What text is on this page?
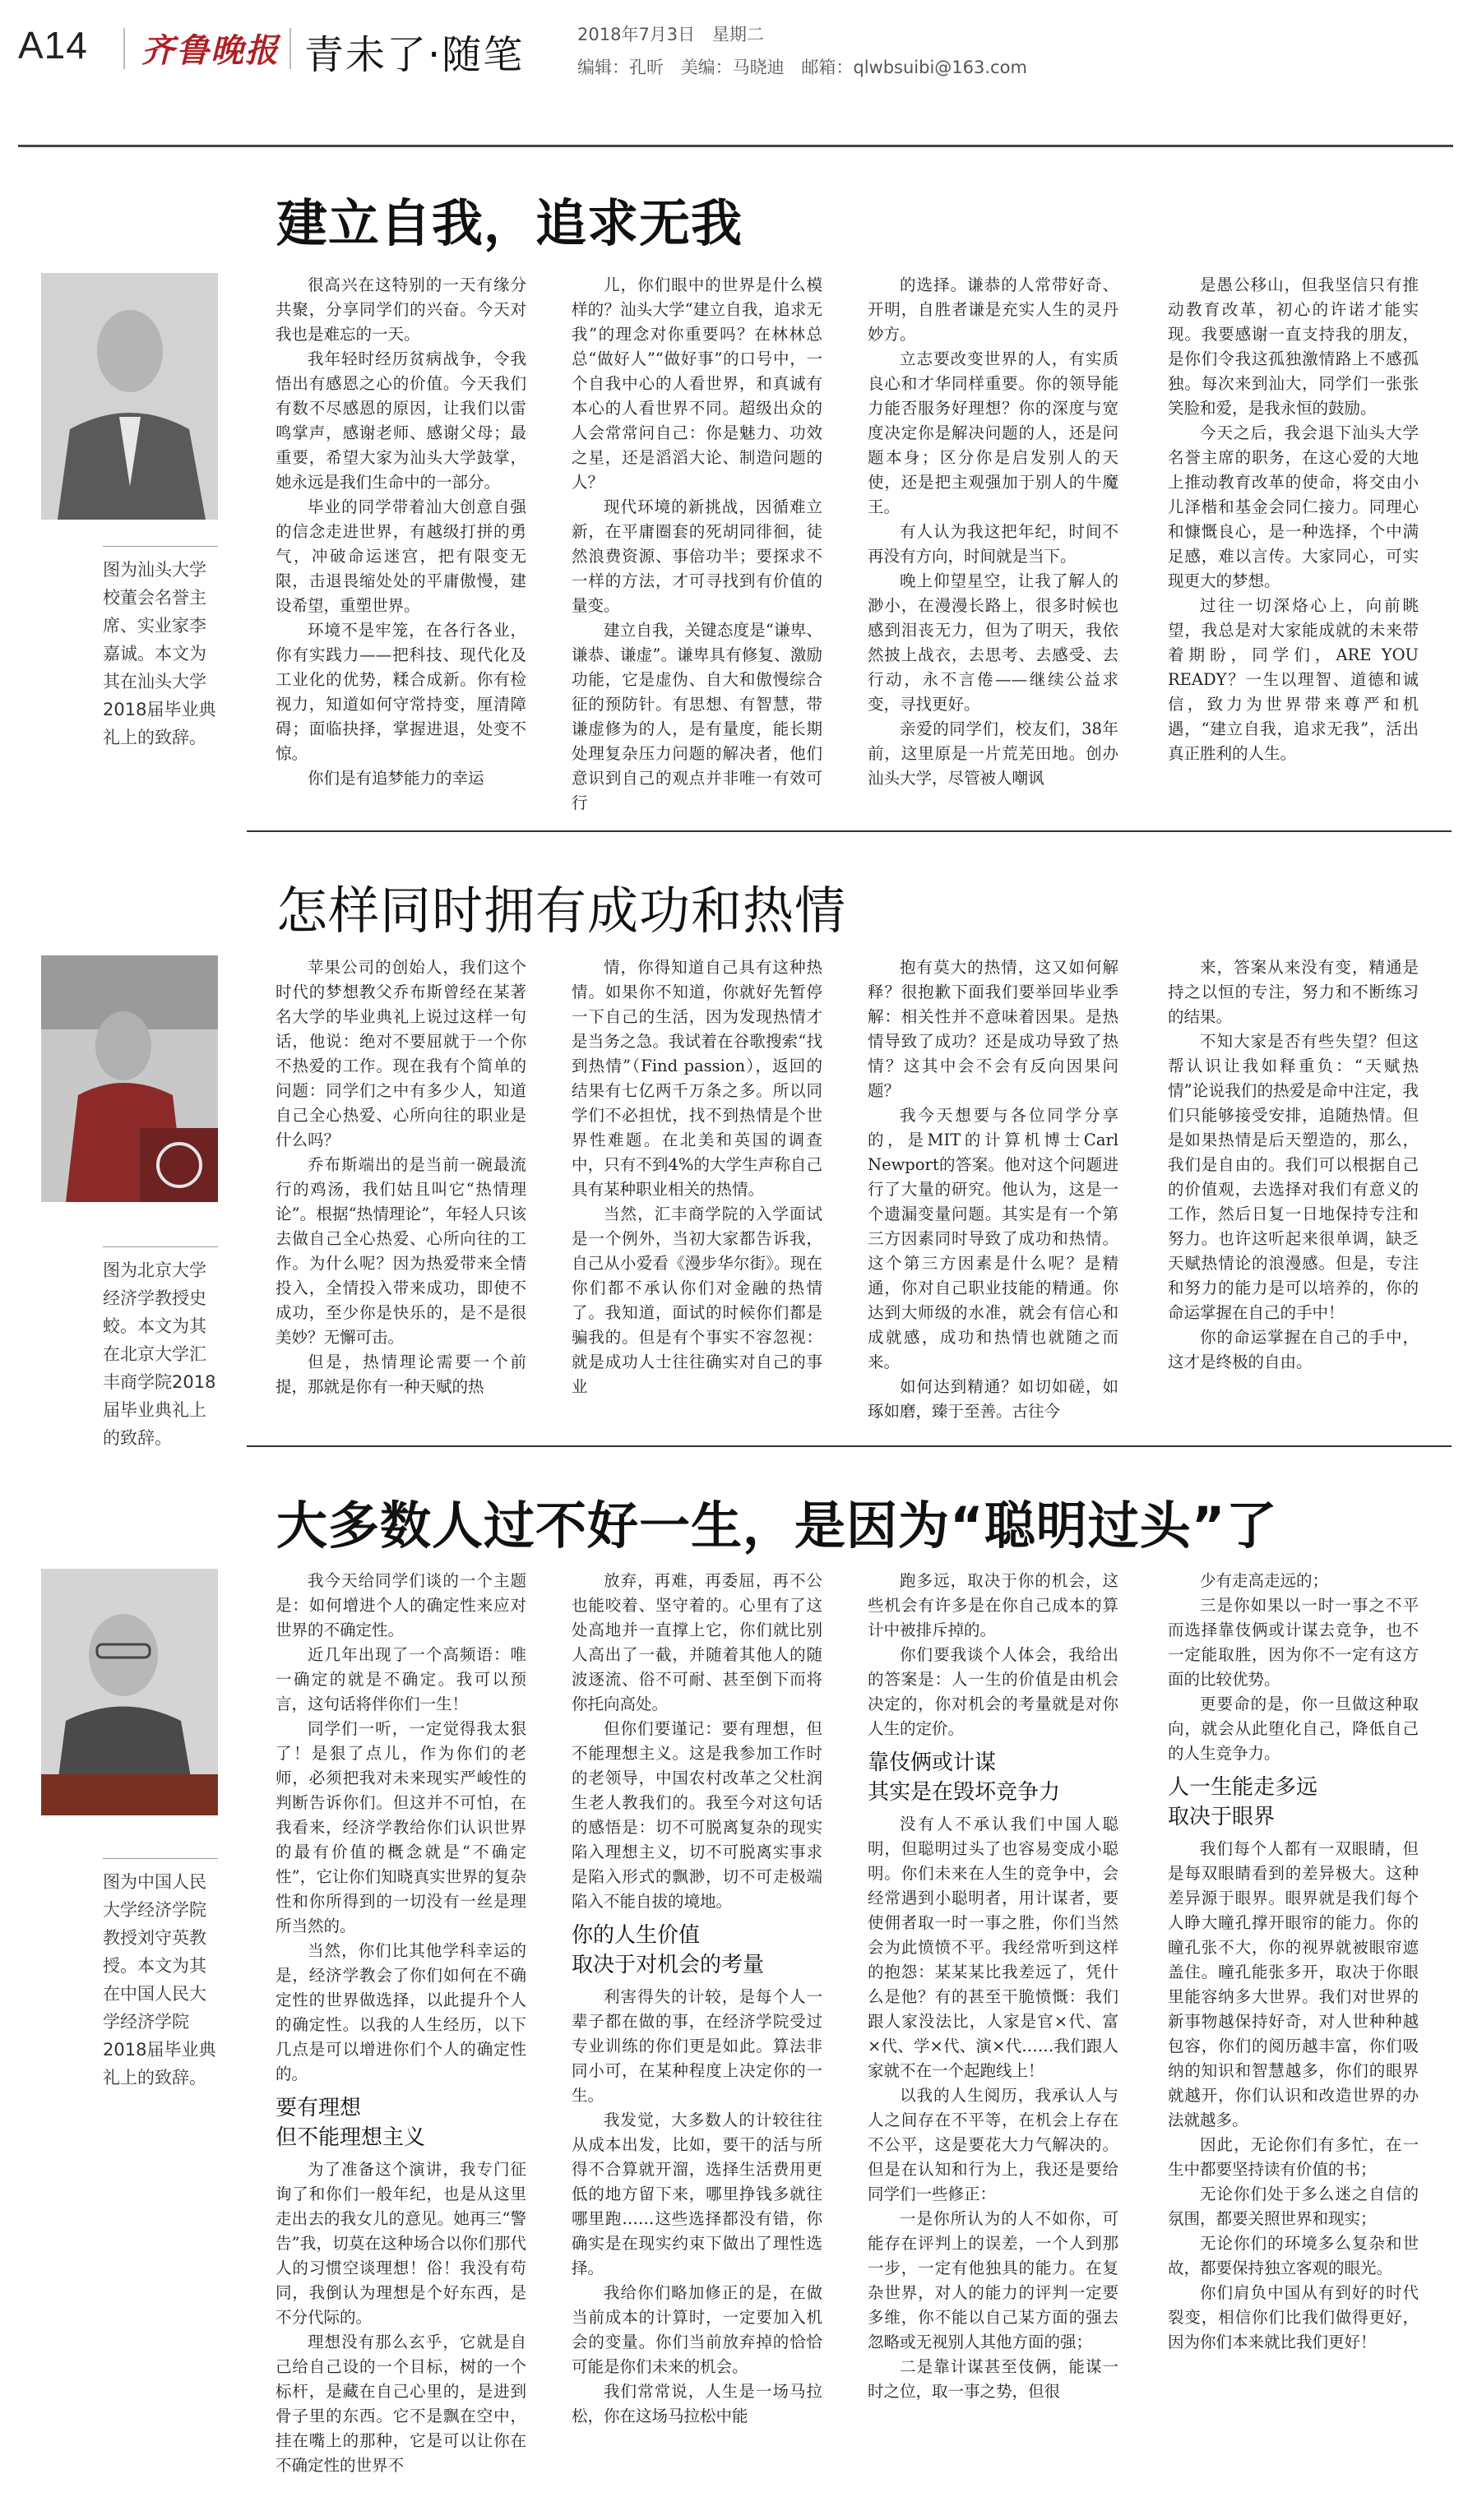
A14 齐鲁晚报 青未了·随笔	2018年7月3日 星期二
编辑：孔昕 美编：马晓迪 邮箱：qlwbsuibi@163.com
建立自我，追求无我
图为汕头大学校董会名誉主席、实业家李嘉诚。本文为其在汕头大学2018届毕业典礼上的致辞。

很高兴在这特别的一天有缘分共聚，分享同学们的兴奋。今天对我也是难忘的一天。

我年轻时经历贫病战争，令我悟出有感恩之心的价值。今天我们有数不尽感恩的原因，让我们以雷鸣掌声，感谢老师、感谢父母；最重要，希望大家为汕头大学鼓掌，她永远是我们生命中的一部分。

毕业的同学带着汕大创意自强的信念走进世界，有越级打拼的勇气，冲破命运迷宫，把有限变无限，击退畏缩处处的平庸傲慢，建设希望，重塑世界。

环境不是牢笼，在各行各业，你有实践力——把科技、现代化及工业化的优势，糅合成新。你有检视力，知道如何守常持变，厘清障碍；面临抉择，掌握进退，处变不惊。

你们是有追梦能力的幸运

儿，你们眼中的世界是什么模样的？汕头大学“建立自我，追求无我”的理念对你重要吗？在林林总总“做好人”“做好事”的口号中，一个自我中心的人看世界，和真诚有本心的人看世界不同。超级出众的人会常常问自己：你是魅力、功效之星，还是滔滔大论、制造问题的人？

现代环境的新挑战，因循难立新，在平庸圈套的死胡同徘徊，徒然浪费资源、事倍功半；要探求不一样的方法，才可寻找到有价值的量变。

建立自我，关键态度是“谦卑、谦恭、谦虚”。谦卑具有修复、激励功能，它是虚伪、自大和傲慢综合征的预防针。有思想、有智慧，带谦虚修为的人，是有量度，能长期处理复杂压力问题的解决者，他们意识到自己的观点并非唯一有效可行

的选择。谦恭的人常带好奇、开明，自胜者谦是充实人生的灵丹妙方。

立志要改变世界的人，有实质良心和才华同样重要。你的领导能力能否服务好理想？你的深度与宽度决定你是解决问题的人，还是问题本身；区分你是启发别人的天使，还是把主观强加于别人的牛魔王。

有人认为我这把年纪，时间不再没有方向，时间就是当下。

晚上仰望星空，让我了解人的渺小，在漫漫长路上，很多时候也感到泪丧无力，但为了明天，我依然披上战衣，去思考、去感受、去行动，永不言倦——继续公益求变，寻找更好。

亲爱的同学们，校友们，38年前，这里原是一片荒芜田地。创办汕头大学，尽管被人嘲讽

是愚公移山，但我坚信只有推动教育改革，初心的许诺才能实现。我要感谢一直支持我的朋友，是你们令我这孤独激情路上不感孤独。每次来到汕大，同学们一张张笑脸和爱，是我永恒的鼓励。

今天之后，我会退下汕头大学名誉主席的职务，在这心爱的大地上推动教育改革的使命，将交由小儿泽楷和基金会同仁接力。同理心和慷慨良心，是一种选择，个中满足感，难以言传。大家同心，可实现更大的梦想。

过往一切深烙心上，向前眺望，我总是对大家能成就的未来带着期盼，同学们，ARE YOU READY？一生以理智、道德和诚信，致力为世界带来尊严和机遇，“建立自我，追求无我”，活出真正胜利的人生。

怎样同时拥有成功和热情
图为北京大学经济学教授史蛟。本文为其在北京大学汇丰商学院2018届毕业典礼上的致辞。

苹果公司的创始人，我们这个时代的梦想教父乔布斯曾经在某著名大学的毕业典礼上说过这样一句话，他说：绝对不要屈就于一个你不热爱的工作。现在我有个简单的问题：同学们之中有多少人，知道自己全心热爱、心所向往的职业是什么吗？

乔布斯端出的是当前一碗最流行的鸡汤，我们姑且叫它“热情理论”。根据“热情理论”，年轻人只该去做自己全心热爱、心所向往的工作。为什么呢？因为热爱带来全情投入，全情投入带来成功，即使不成功，至少你是快乐的，是不是很美妙？无懈可击。

但是，热情理论需要一个前提，那就是你有一种天赋的热

情，你得知道自己具有这种热情。如果你不知道，你就好先暂停一下自己的生活，因为发现热情才是当务之急。我试着在谷歌搜索“找到热情”（Find passion），返回的结果有七亿两千万条之多。所以同学们不必担忧，找不到热情是个世界性难题。在北美和英国的调查中，只有不到4%的大学生声称自己具有某种职业相关的热情。

当然，汇丰商学院的入学面试是一个例外，当初大家都告诉我，自己从小爱看《漫步华尔街》。现在你们都不承认你们对金融的热情了。我知道，面试的时候你们都是骗我的。但是有个事实不容忽视：就是成功人士往往确实对自己的事业

抱有莫大的热情，这又如何解释？很抱歉下面我们要举回毕业季解：相关性并不意味着因果。是热情导致了成功？还是成功导致了热情？这其中会不会有反向因果问题？

我今天想要与各位同学分享的，是MIT的计算机博士Carl Newport的答案。他对这个问题进行了大量的研究。他认为，这是一个遗漏变量问题。其实是有一个第三方因素同时导致了成功和热情。这个第三方因素是什么呢？是精通，你对自己职业技能的精通。你达到大师级的水准，就会有信心和成就感，成功和热情也就随之而来。

如何达到精通？如切如磋，如琢如磨，臻于至善。古往今

来，答案从来没有变，精通是持之以恒的专注，努力和不断练习的结果。

不知大家是否有些失望？但这帮认识让我如释重负：“天赋热情”论说我们的热爱是命中注定，我们只能够接受安排，追随热情。但是如果热情是后天塑造的，那么，我们是自由的。我们可以根据自己的价值观，去选择对我们有意义的工作，然后日复一日地保持专注和努力。也许这听起来很单调，缺乏天赋热情论的浪漫感。但是，专注和努力的能力是可以培养的，你的命运掌握在自己的手中！

你的命运掌握在自己的手中，这才是终极的自由。

大多数人过不好一生，是因为“聪明过头”了
图为中国人民大学经济学院教授刘守英教授。本文为其在中国人民大学经济学院2018届毕业典礼上的致辞。

我今天给同学们谈的一个主题是：如何增进个人的确定性来应对世界的不确定性。

近几年出现了一个高频语：唯一确定的就是不确定。我可以预言，这句话将伴你们一生！

同学们一听，一定觉得我太狠了！是狠了点儿，作为你们的老师，必须把我对未来现实严峻性的判断告诉你们。但这并不可怕，在我看来，经济学教给你们认识世界的最有价值的概念就是“不确定性”，它让你们知晓真实世界的复杂性和你所得到的一切没有一丝是理所当然的。

当然，你们比其他学科幸运的是，经济学教会了你们如何在不确定性的世界做选择，以此提升个人的确定性。以我的人生经历，以下几点是可以增进你们个人的确定性的。

要有理想
但不能理想主义

为了准备这个演讲，我专门征询了和你们一般年纪，也是从这里走出去的我女儿的意见。她再三“警告”我，切莫在这种场合以你们那代人的习惯空谈理想！俗！我没有苟同，我倒认为理想是个好东西，是不分代际的。

理想没有那么玄乎，它就是自己给自己设的一个目标，树的一个标杆，是藏在自己心里的，是进到骨子里的东西。它不是飘在空中，挂在嘴上的那种，它是可以让你在不确定性的世界不

放弃，再难，再委屈，再不公也能咬着、坚守着的。心里有了这处高地并一直撑上它，你们就比别人高出了一截，并随着其他人的随波逐流、俗不可耐、甚至倒下而将你托向高处。

但你们要谨记：要有理想，但不能理想主义。这是我参加工作时的老领导，中国农村改革之父杜润生老人教我们的。我至今对这句话的感悟是：切不可脱离复杂的现实陷入理想主义，切不可脱离实事求是陷入形式的飘渺，切不可走极端陷入不能自拔的境地。

你的人生价值
取决于对机会的考量

利害得失的计较，是每个人一辈子都在做的事，在经济学院受过专业训练的你们更是如此。算法非同小可，在某种程度上决定你的一生。

我发觉，大多数人的计较往往从成本出发，比如，要干的活与所得不合算就开溜，选择生活费用更低的地方留下来，哪里挣钱多就往哪里跑……这些选择都没有错，你确实是在现实约束下做出了理性选择。

我给你们略加修正的是，在做当前成本的计算时，一定要加入机会的变量。你们当前放弃掉的恰恰可能是你们未来的机会。

我们常常说，人生是一场马拉松，你在这场马拉松中能

跑多远，取决于你的机会，这些机会有许多是在你自己成本的算计中被排斥掉的。

你们要我谈个人体会，我给出的答案是：人一生的价值是由机会决定的，你对机会的考量就是对你人生的定价。

靠伎俩或计谋
其实是在毁坏竞争力

没有人不承认我们中国人聪明，但聪明过头了也容易变成小聪明。你们未来在人生的竞争中，会经常遇到小聪明者，用计谋者，要使佣者取一时一事之胜，你们当然会为此愤愤不平。我经常听到这样的抱怨：某某某比我差远了，凭什么是他？有的甚至干脆愤慨：我们跟人家没法比，人家是官×代、富×代、学×代、演×代……我们跟人家就不在一个起跑线上！

以我的人生阅历，我承认人与人之间存在不平等，在机会上存在不公平，这是要花大力气解决的。但是在认知和行为上，我还是要给同学们一些修正：

一是你所认为的人不如你，可能存在评判上的误差，一个人到那一步，一定有他独具的能力。在复杂世界，对人的能力的评判一定要多维，你不能以自己某方面的强去忽略或无视别人其他方面的强；

二是靠计谋甚至伎俩，能谋一时之位，取一事之势，但很

少有走高走远的；

三是你如果以一时一事之不平而选择靠伎俩或计谋去竞争，也不一定能取胜，因为你不一定有这方面的比较优势。

更要命的是，你一旦做这种取向，就会从此堕化自己，降低自己的人生竞争力。

人一生能走多远
取决于眼界

我们每个人都有一双眼睛，但是每双眼睛看到的差异极大。这种差异源于眼界。眼界就是我们每个人睁大瞳孔撑开眼帘的能力。你的瞳孔张不大，你的视界就被眼帘遮盖住。瞳孔能张多开，取决于你眼里能容纳多大世界。我们对世界的新事物越保持好奇，对人世种种越包容，你们的阅历越丰富，你们吸纳的知识和智慧越多，你们的眼界就越开，你们认识和改造世界的办法就越多。

因此，无论你们有多忙，在一生中都要坚持读有价值的书；

无论你们处于多么迷之自信的氛围，都要关照世界和现实；

无论你们的环境多么复杂和世故，都要保持独立客观的眼光。

你们肩负中国从有到好的时代裂变，相信你们比我们做得更好，因为你们本来就比我们更好！
